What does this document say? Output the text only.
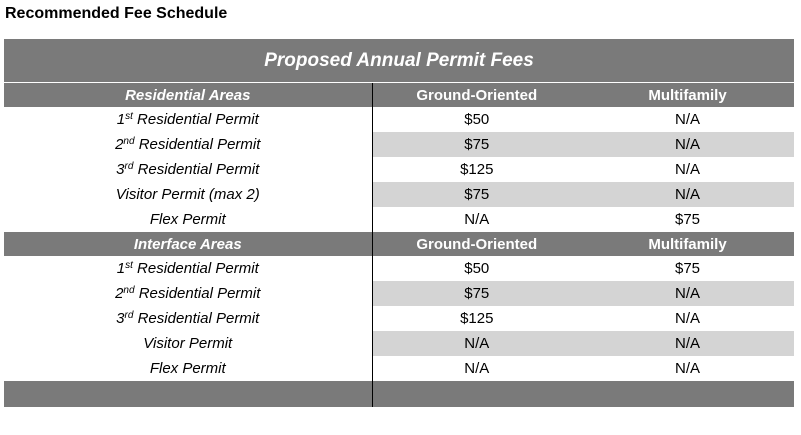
Recommended Fee Schedule
Proposed Annual Permit Fees		
Residential Areas	Ground-Oriented	Multifamily
1st Residential Permit	$50	N/A
2nd Residential Permit	$75	N/A
3rd Residential Permit	$125	N/A
Visitor Permit (max 2)	$75	N/A
Flex Permit	N/A	$75
Interface Areas	Ground-Oriented	Multifamily
1st Residential Permit	$50	$75
2nd Residential Permit	$75	N/A
3rd Residential Permit	$125	N/A
Visitor Permit	N/A	N/A
Flex Permit	N/A	N/A
